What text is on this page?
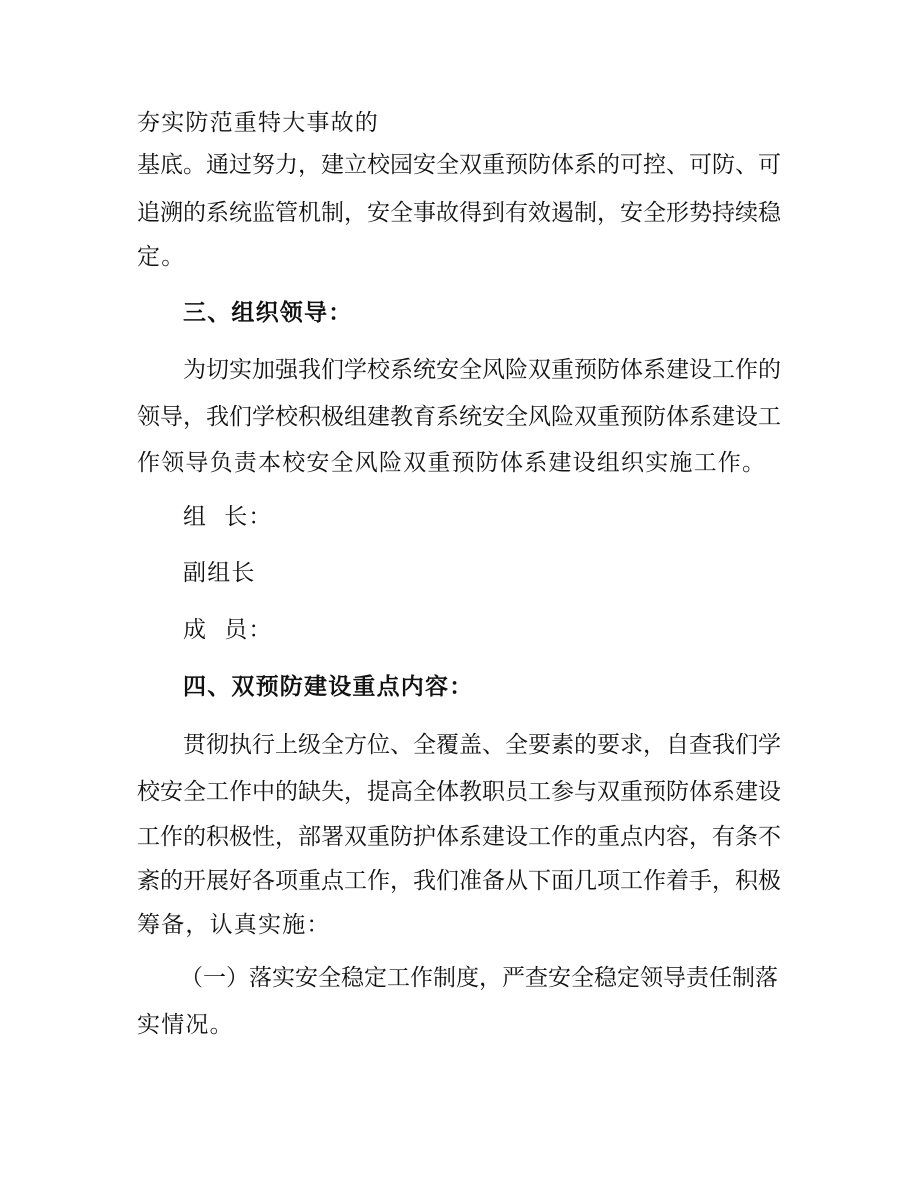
夯实防范重特大事故的
基底。通过努力，建立校园安全双重预防体系的可控、可防、可
追溯的系统监管机制，安全事故得到有效遏制，安全形势持续稳
定。
三、组织领导：
为切实加强我们学校系统安全风险双重预防体系建设工作的
领导，我们学校积极组建教育系统安全风险双重预防体系建设工
作领导负责本校安全风险双重预防体系建设组织实施工作。
组  长：
副组长
成  员：
四、双预防建设重点内容：
贯彻执行上级全方位、全覆盖、全要素的要求，自查我们学
校安全工作中的缺失，提高全体教职员工参与双重预防体系建设
工作的积极性，部署双重防护体系建设工作的重点内容，有条不
紊的开展好各项重点工作，我们准备从下面几项工作着手，积极
筹备，认真实施：
（一）落实安全稳定工作制度，严查安全稳定领导责任制落
实情况。
